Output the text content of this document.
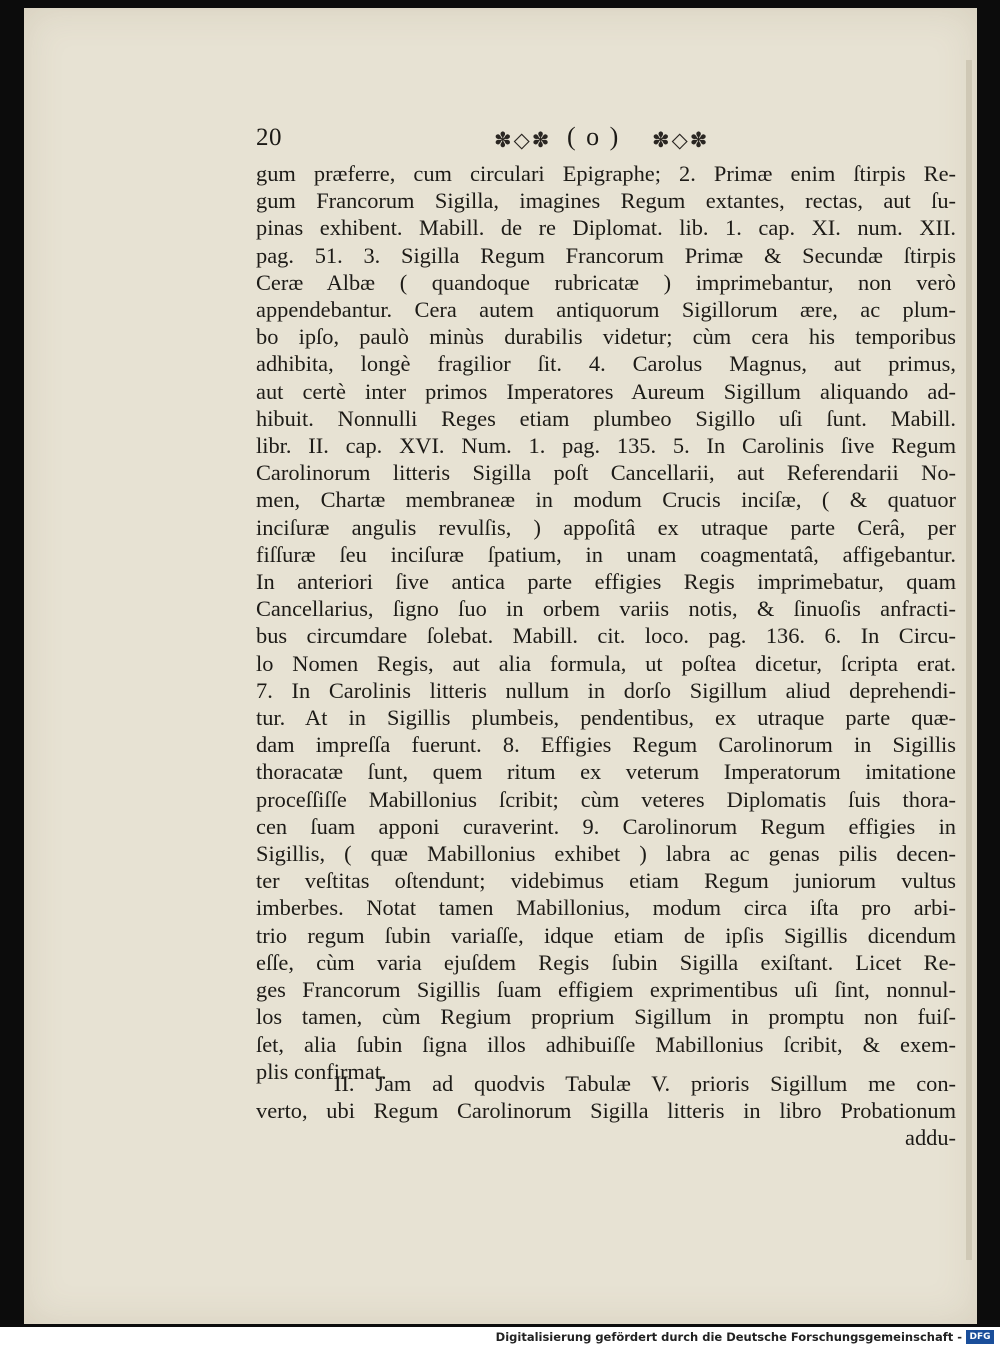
20	✽◇✽ ( o ) ✽◇✽
gum præferre, cum circulari Epigraphe; 2. Primæ enim ſtirpis Re-
gum Francorum Sigilla, imagines Regum extantes, rectas, aut ſu-
pinas exhibent. Mabill. de re Diplomat. lib. 1. cap. XI. num. XII.
pag. 51. 3. Sigilla Regum Francorum Primæ & Secundæ ſtirpis
Ceræ Albæ ( quandoque rubricatæ ) imprimebantur, non verò
appendebantur. Cera autem antiquorum Sigillorum ære, ac plum-
bo ipſo, paulò minùs durabilis videtur; cùm cera his temporibus
adhibita, longè fragilior ſit. 4. Carolus Magnus, aut primus,
aut certè inter primos Imperatores Aureum Sigillum aliquando ad-
hibuit. Nonnulli Reges etiam plumbeo Sigillo uſi ſunt. Mabill.
libr. II. cap. XVI. Num. 1. pag. 135. 5. In Carolinis ſive Regum
Carolinorum litteris Sigilla poſt Cancellarii, aut Referendarii No-
men, Chartæ membraneæ in modum Crucis inciſæ, ( & quatuor
inciſuræ angulis revulſis, ) appoſitâ ex utraque parte Cerâ, per
fiſſuræ ſeu inciſuræ ſpatium, in unam coagmentatâ, affigebantur.
In anteriori ſive antica parte effigies Regis imprimebatur, quam
Cancellarius, ſigno ſuo in orbem variis notis, & ſinuoſis anfracti-
bus circumdare ſolebat. Mabill. cit. loco. pag. 136. 6. In Circu-
lo Nomen Regis, aut alia formula, ut poſtea dicetur, ſcripta erat.
7. In Carolinis litteris nullum in dorſo Sigillum aliud deprehendi-
tur. At in Sigillis plumbeis, pendentibus, ex utraque parte quæ-
dam impreſſa fuerunt. 8. Effigies Regum Carolinorum in Sigillis
thoracatæ ſunt, quem ritum ex veterum Imperatorum imitatione
proceſſiſſe Mabillonius ſcribit; cùm veteres Diplomatis ſuis thora-
cen ſuam apponi curaverint. 9. Carolinorum Regum effigies in
Sigillis, ( quæ Mabillonius exhibet ) labra ac genas pilis decen-
ter veſtitas oſtendunt; videbimus etiam Regum juniorum vultus
imberbes. Notat tamen Mabillonius, modum circa iſta pro arbi-
trio regum ſubin variaſſe, idque etiam de ipſis Sigillis dicendum
eſſe, cùm varia ejuſdem Regis ſubin Sigilla exiſtant. Licet Re-
ges Francorum Sigillis ſuam effigiem exprimentibus uſi ſint, nonnul-
los tamen, cùm Regium proprium Sigillum in promptu non fuiſ-
ſet, alia ſubin ſigna illos adhibuiſſe Mabillonius ſcribit, & exem-
plis confirmat.
II. Jam ad quodvis Tabulæ V. prioris Sigillum me con-
verto, ubi Regum Carolinorum Sigilla litteris in libro Probationum
addu-
Digitalisierung gefördert durch die Deutsche Forschungsgemeinschaft - DFG
